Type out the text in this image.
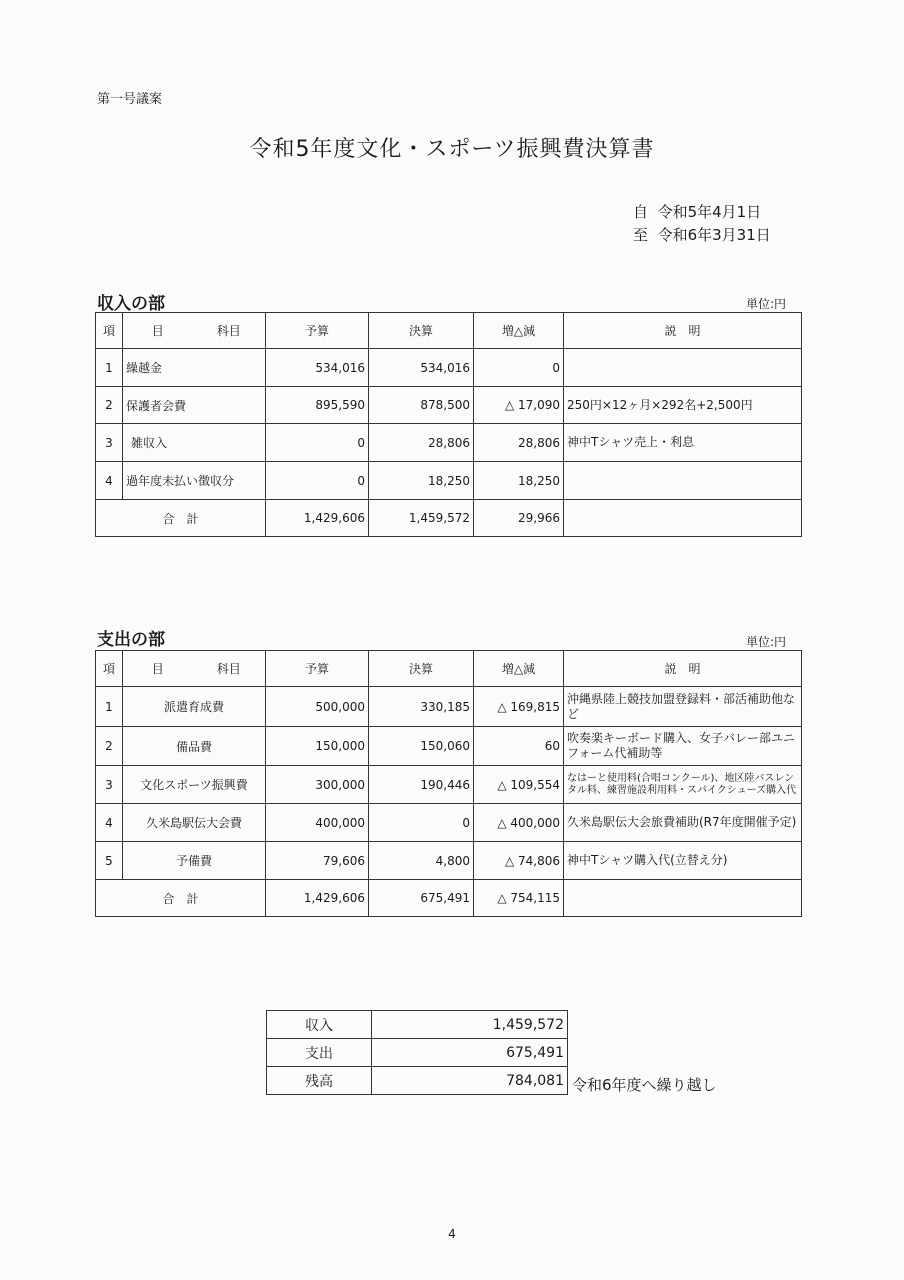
第一号議案
令和5年度文化・スポーツ振興費決算書
自 令和5年4月1日
至 令和6年3月31日
収入の部	単位:円
項	目	科目	予算	決算	増△減	説　明
1	繰越金		534,016	534,016	0	
2	保護者会費		895,590	878,500	△ 17,090	250円×12ヶ月×292名+2,500円
3	雑収入		0	28,806	28,806	神中Tシャツ売上・利息
4	過年度未払い徴収分		0	18,250	18,250	
合　計			1,429,606	1,459,572	29,966	
支出の部	単位:円
項	目	科目	予算	決算	増△減	説　明
1	派遣育成費		500,000	330,185	△ 169,815	沖縄県陸上競技加盟登録料・部活補助他など
2	備品費		150,000	150,060	60	吹奏楽キーボード購入、女子バレー部ユニフォーム代補助等
3	文化スポーツ振興費		300,000	190,446	△ 109,554	なはーと使用料(合唱コンクール)、地区陸バスレンタル料、練習施設利用料・スパイクシューズ購入代
4	久米島駅伝大会費		400,000	0	△ 400,000	久米島駅伝大会旅費補助(R7年度開催予定)
5	予備費		79,606	4,800	△ 74,806	神中Tシャツ購入代(立替え分)
合　計			1,429,606	675,491	△ 754,115	
収入	1,459,572
支出	675,491
残高	784,081 令和6年度へ繰り越し
4
